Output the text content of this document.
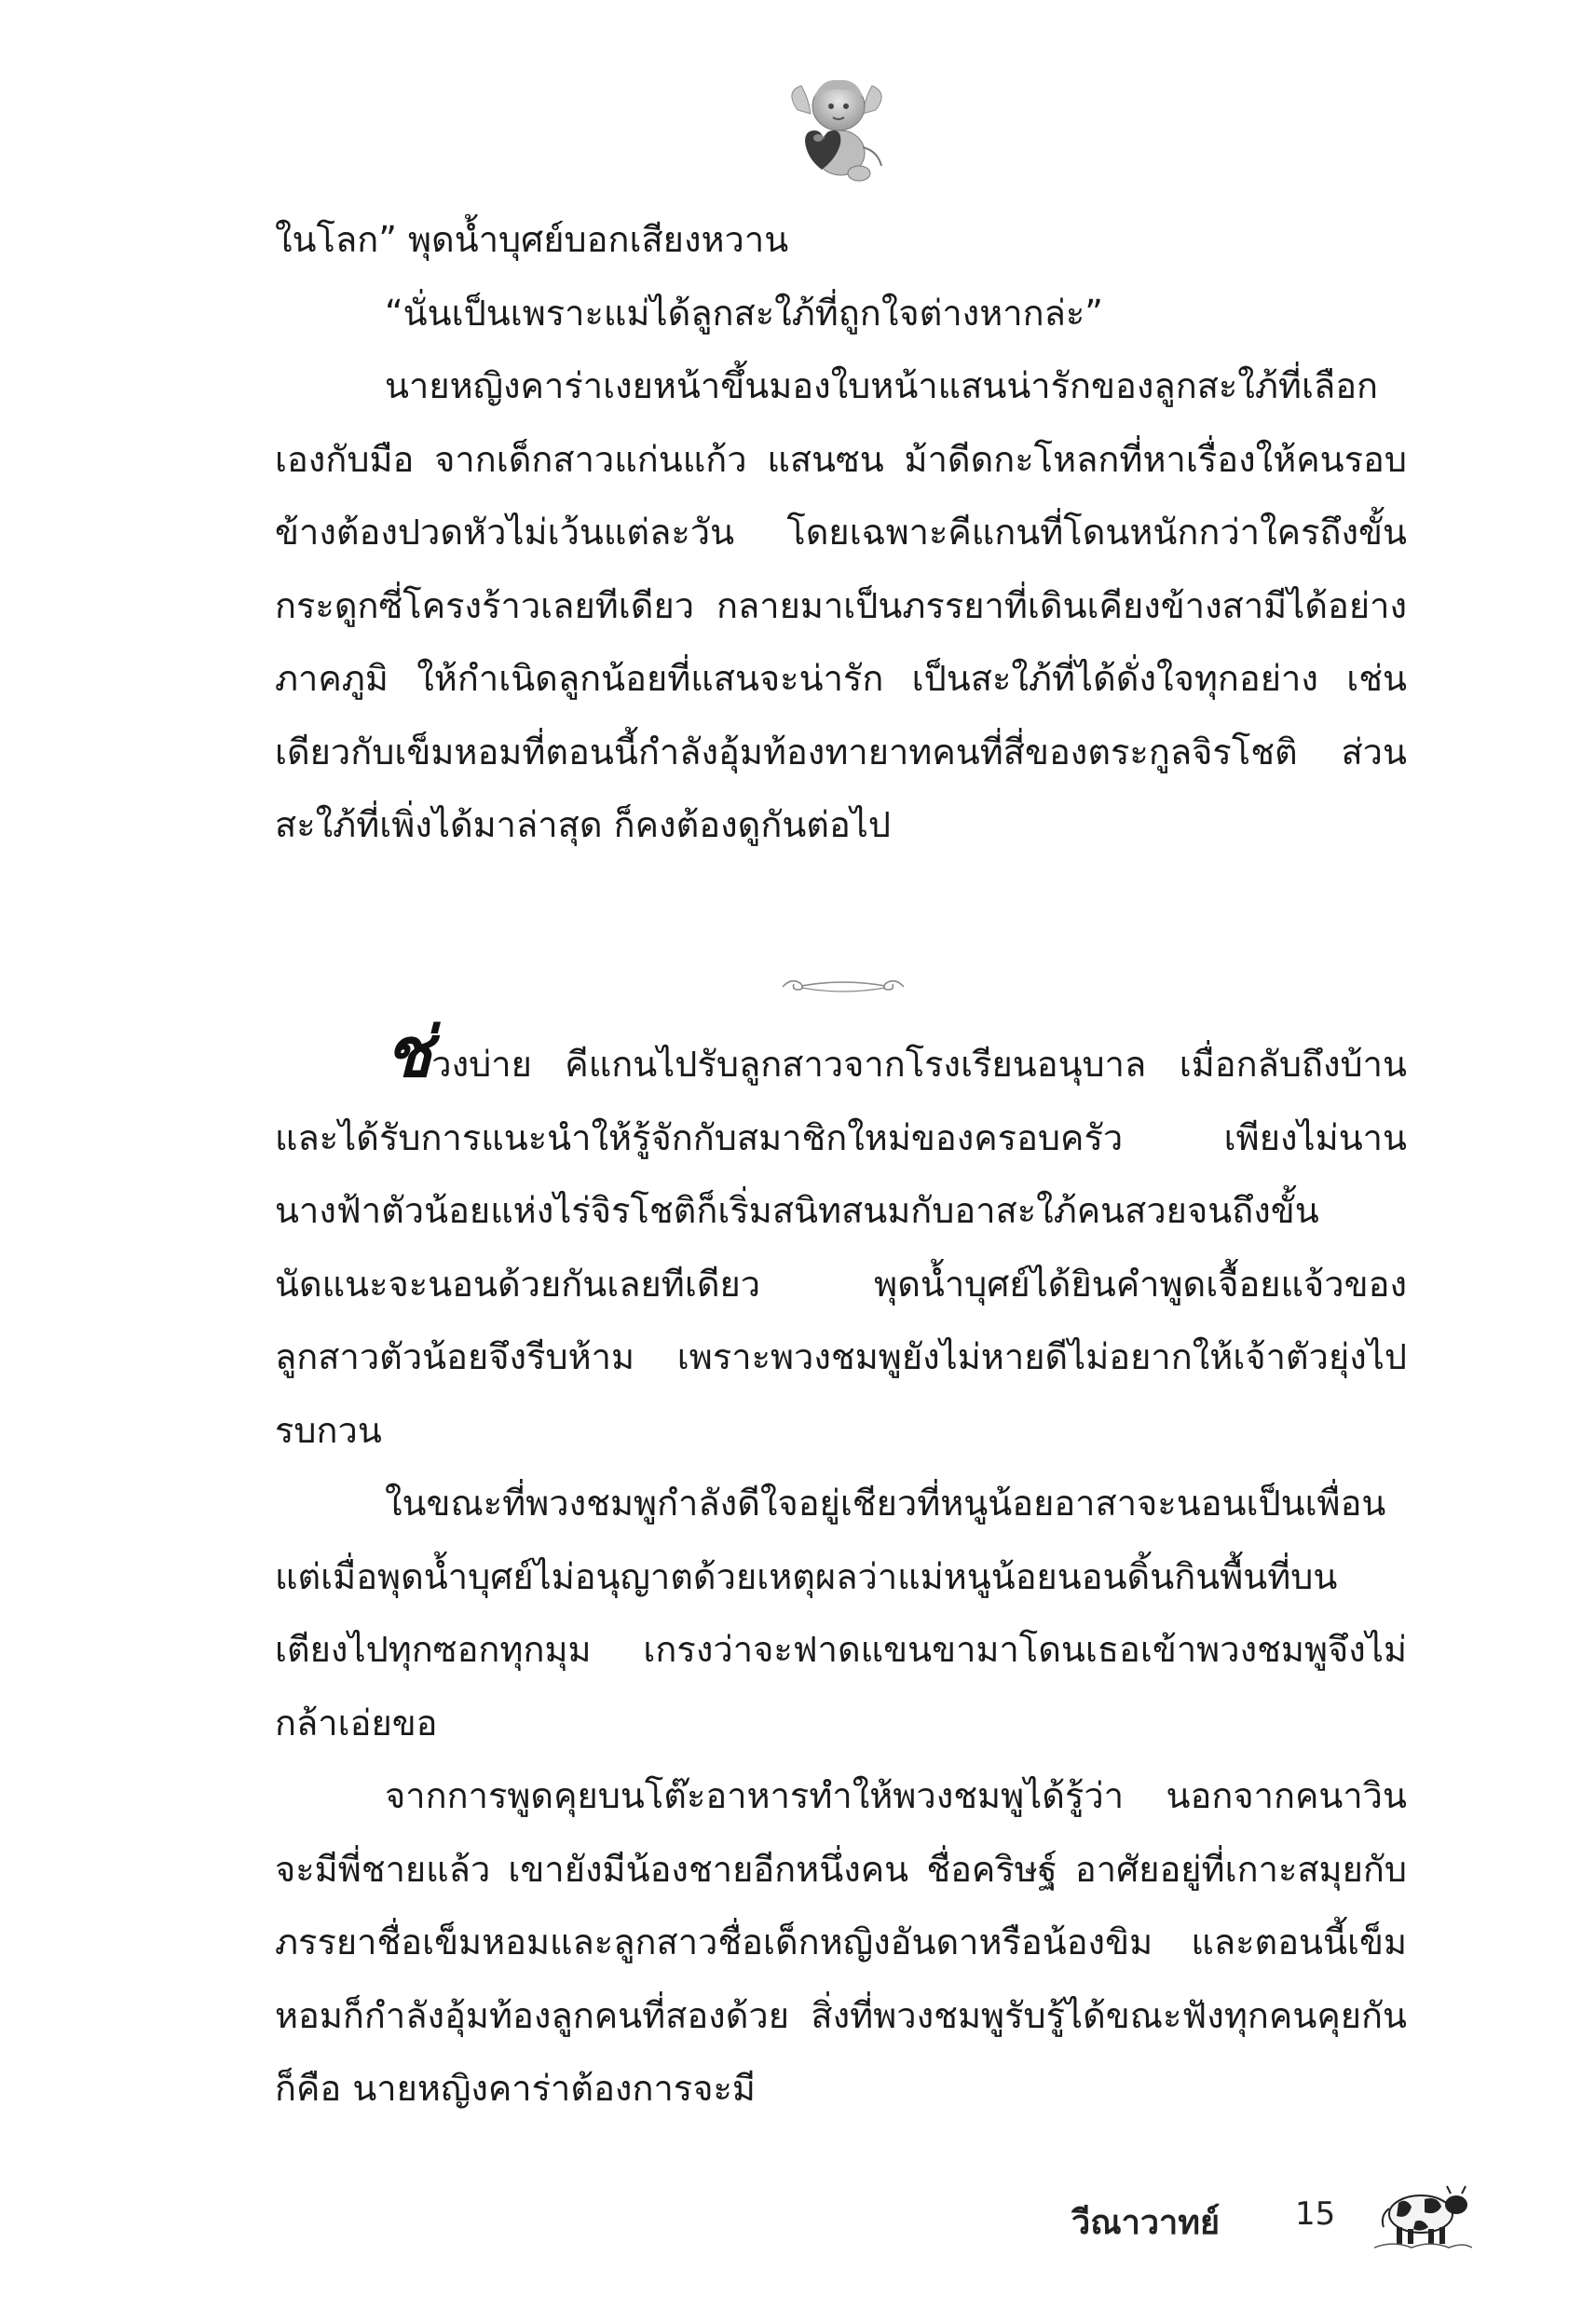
ในโลก” พุดน้ำบุศย์บอกเสียงหวาน

“นั่นเป็นเพราะแม่ได้ลูกสะใภ้ที่ถูกใจต่างหากล่ะ”

นายหญิงคาร่าเงยหน้าขึ้นมองใบหน้าแสนน่ารักของลูกสะใภ้ที่เลือกเองกับมือ จากเด็กสาวแก่นแก้ว แสนซน ม้าดีดกะโหลกที่หาเรื่องให้คนรอบข้างต้องปวดหัวไม่เว้นแต่ละวัน โดยเฉพาะคีแกนที่โดนหนักกว่าใครถึงขั้นกระดูกซี่โครงร้าวเลยทีเดียว กลายมาเป็นภรรยาที่เดินเคียงข้างสามีได้อย่างภาคภูมิ ให้กำเนิดลูกน้อยที่แสนจะน่ารัก เป็นสะใภ้ที่ได้ดั่งใจทุกอย่าง เช่นเดียวกับเข็มหอมที่ตอนนี้กำลังอุ้มท้องทายาทคนที่สี่ของตระกูลจิรโชติ ส่วนสะใภ้ที่เพิ่งได้มาล่าสุด ก็คงต้องดูกันต่อไป

ช่วงบ่าย คีแกนไปรับลูกสาวจากโรงเรียนอนุบาล เมื่อกลับถึงบ้านและได้รับการแนะนำให้รู้จักกับสมาชิกใหม่ของครอบครัว เพียงไม่นานนางฟ้าตัวน้อยแห่งไร่จิรโชติก็เริ่มสนิทสนมกับอาสะใภ้คนสวยจนถึงขั้นนัดแนะจะนอนด้วยกันเลยทีเดียว พุดน้ำบุศย์ได้ยินคำพูดเจื้อยแจ้วของลูกสาวตัวน้อยจึงรีบห้าม เพราะพวงชมพูยังไม่หายดีไม่อยากให้เจ้าตัวยุ่งไปรบกวน

ในขณะที่พวงชมพูกำลังดีใจอยู่เชียวที่หนูน้อยอาสาจะนอนเป็นเพื่อน แต่เมื่อพุดน้ำบุศย์ไม่อนุญาตด้วยเหตุผลว่าแม่หนูน้อยนอนดิ้นกินพื้นที่บนเตียงไปทุกซอกทุกมุม เกรงว่าจะฟาดแขนขามาโดนเธอเข้าพวงชมพูจึงไม่กล้าเอ่ยขอ

จากการพูดคุยบนโต๊ะอาหารทำให้พวงชมพูได้รู้ว่า นอกจากคนาวินจะมีพี่ชายแล้ว เขายังมีน้องชายอีกหนึ่งคน ชื่อคริษฐ์ อาศัยอยู่ที่เกาะสมุยกับภรรยาชื่อเข็มหอมและลูกสาวชื่อเด็กหญิงอันดาหรือน้องขิม และตอนนี้เข็มหอมก็กำลังอุ้มท้องลูกคนที่สองด้วย สิ่งที่พวงชมพูรับรู้ได้ขณะฟังทุกคนคุยกันก็คือ นายหญิงคาร่าต้องการจะมี

วีณาวาทย์ 15
